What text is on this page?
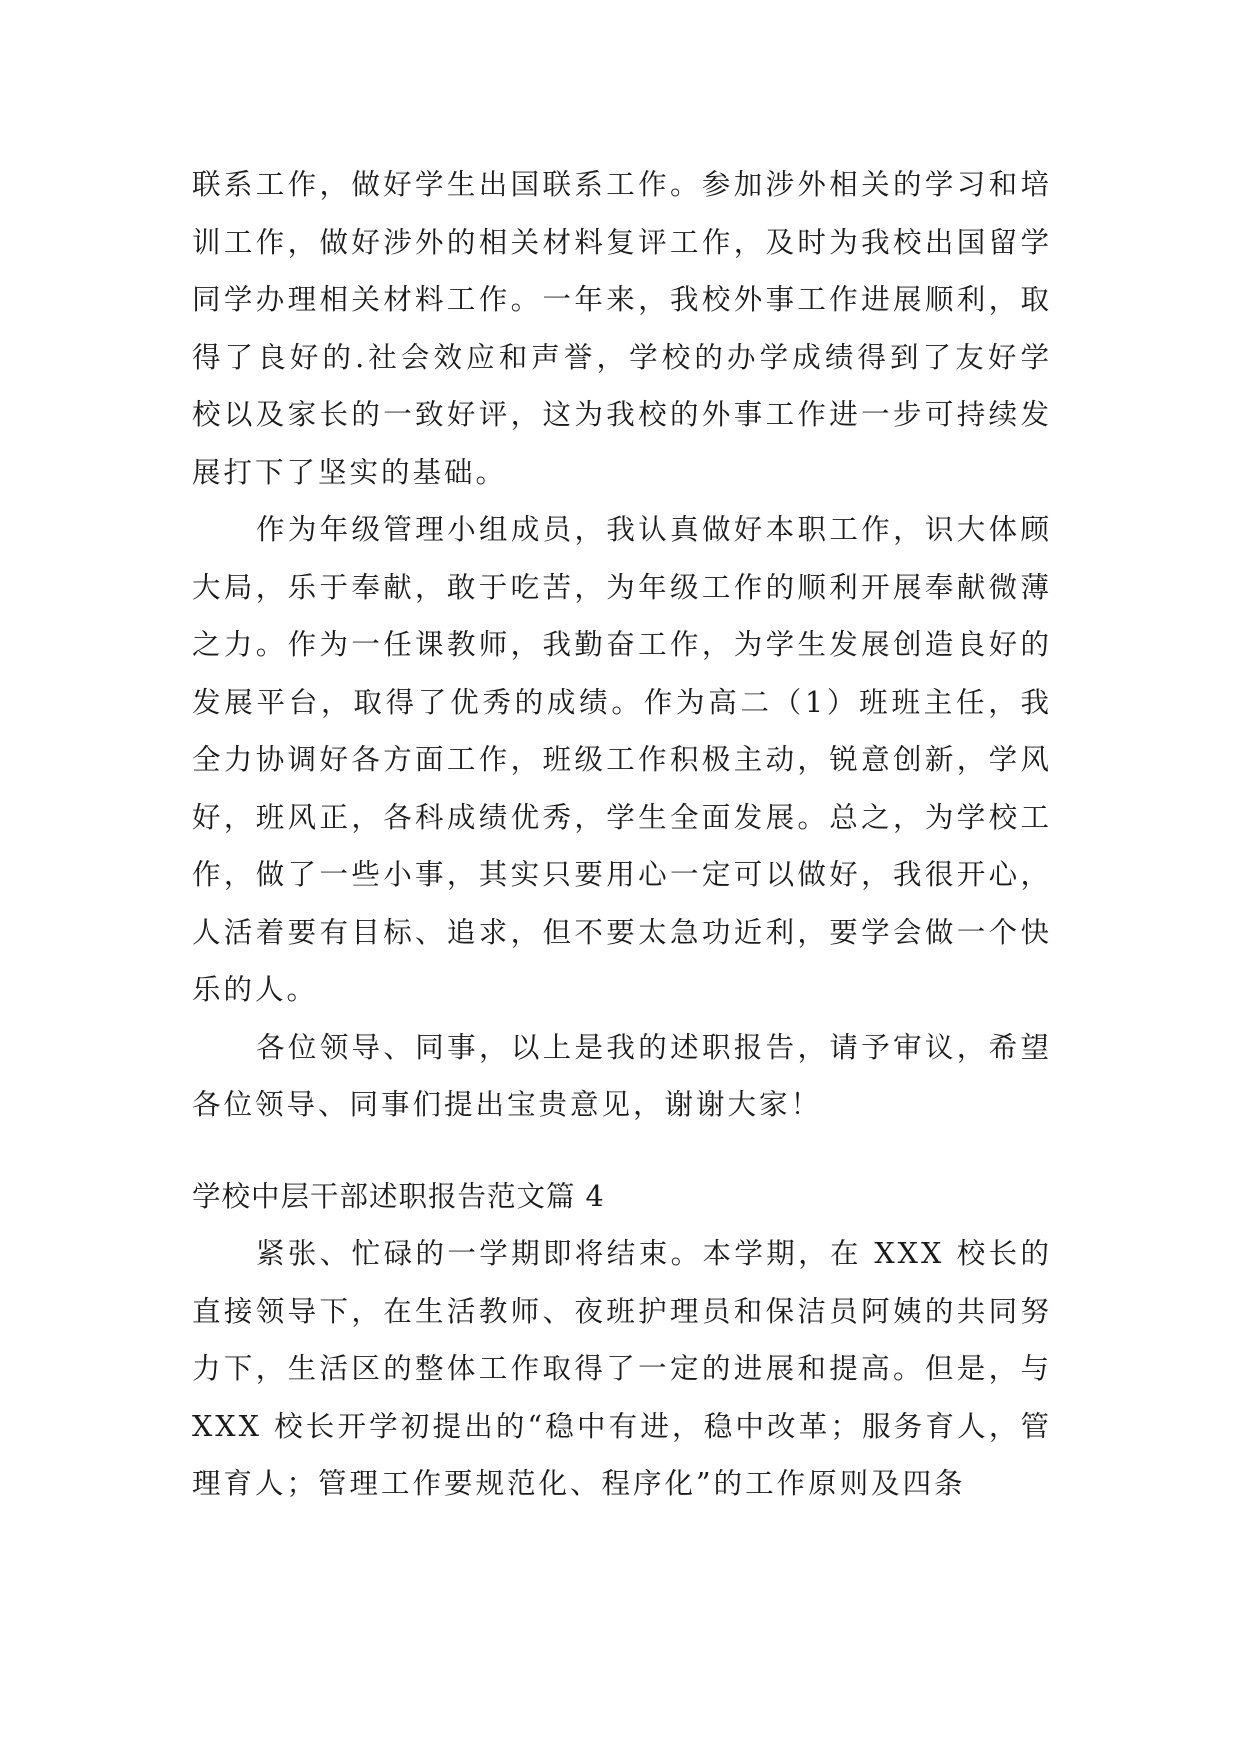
联系工作，做好学生出国联系工作。参加涉外相关的学习和培训工作，做好涉外的相关材料复评工作，及时为我校出国留学同学办理相关材料工作。一年来，我校外事工作进展顺利，取得了良好的.社会效应和声誉，学校的办学成绩得到了友好学校以及家长的一致好评，这为我校的外事工作进一步可持续发展打下了坚实的基础。

作为年级管理小组成员，我认真做好本职工作，识大体顾大局，乐于奉献，敢于吃苦，为年级工作的顺利开展奉献微薄之力。作为一任课教师，我勤奋工作，为学生发展创造良好的发展平台，取得了优秀的成绩。作为高二（1）班班主任，我全力协调好各方面工作，班级工作积极主动，锐意创新，学风好，班风正，各科成绩优秀，学生全面发展。总之，为学校工作，做了一些小事，其实只要用心一定可以做好，我很开心，人活着要有目标、追求，但不要太急功近利，要学会做一个快乐的人。

各位领导、同事，以上是我的述职报告，请予审议，希望各位领导、同事们提出宝贵意见，谢谢大家！

学校中层干部述职报告范文篇 4

紧张、忙碌的一学期即将结束。本学期，在 XXX 校长的直接领导下，在生活教师、夜班护理员和保洁员阿姨的共同努力下，生活区的整体工作取得了一定的进展和提高。但是，与 XXX 校长开学初提出的“稳中有进，稳中改革；服务育人，管理育人；管理工作要规范化、程序化”的工作原则及四条
